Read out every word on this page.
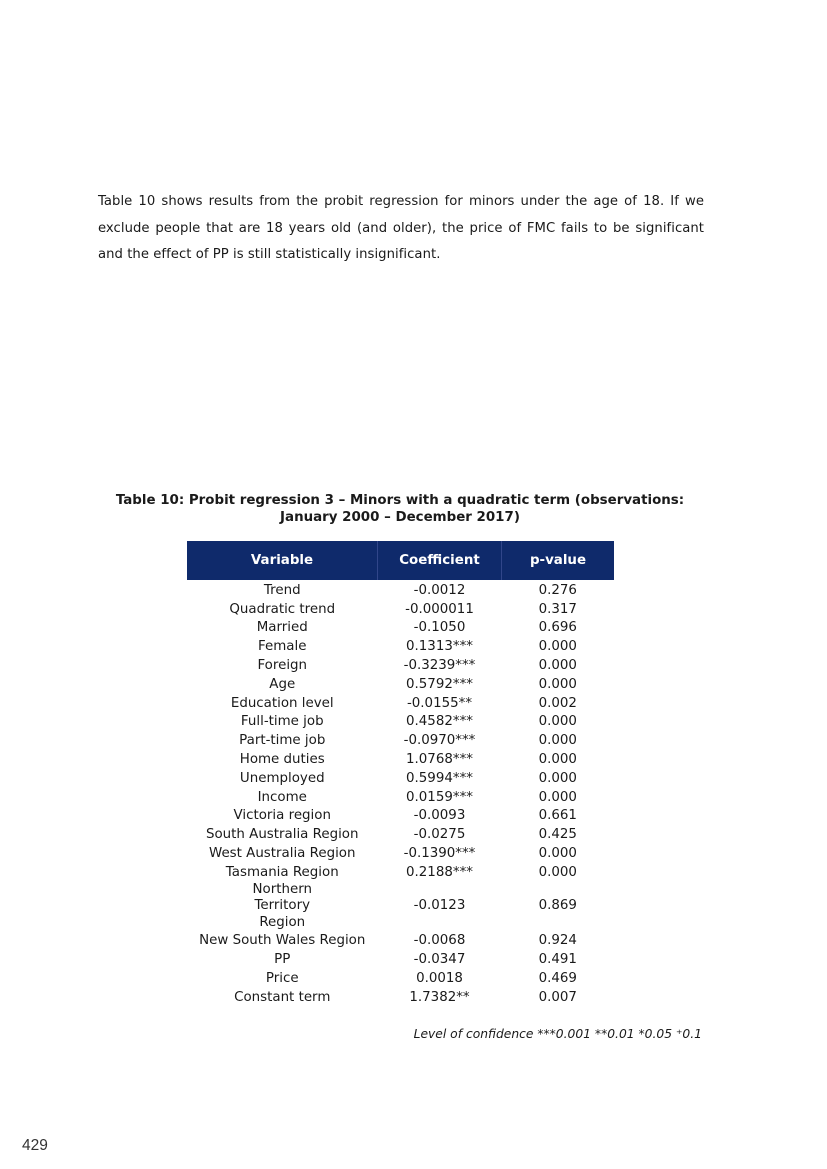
Table 10 shows results from the probit regression for minors under the age of 18. If we exclude people that are 18 years old (and older), the price of FMC fails to be significant and the effect of PP is still statistically insignificant.

Table 10: Probit regression 3 – Minors with a quadratic term (observations: January 2000 – December 2017)
Variable	Coefficient	p-value
Trend	-0.0012	0.276
Quadratic trend	-0.000011	0.317
Married	-0.1050	0.696
Female	0.1313***	0.000
Foreign	-0.3239***	0.000
Age	0.5792***	0.000
Education level	-0.0155**	0.002
Full-time job	0.4582***	0.000
Part-time job	-0.0970***	0.000
Home duties	1.0768***	0.000
Unemployed	0.5994***	0.000
Income	0.0159***	0.000
Victoria region	-0.0093	0.661
South Australia Region	-0.0275	0.425
West Australia Region	-0.1390***	0.000
Tasmania Region	0.2188***	0.000
Northern Territory Region	-0.0123	0.869
New South Wales Region	-0.0068	0.924
PP	-0.0347	0.491
Price	0.0018	0.469
Constant term	1.7382**	0.007
Level of confidence ***0.001 **0.01 *0.05 ⁺0.1
429
